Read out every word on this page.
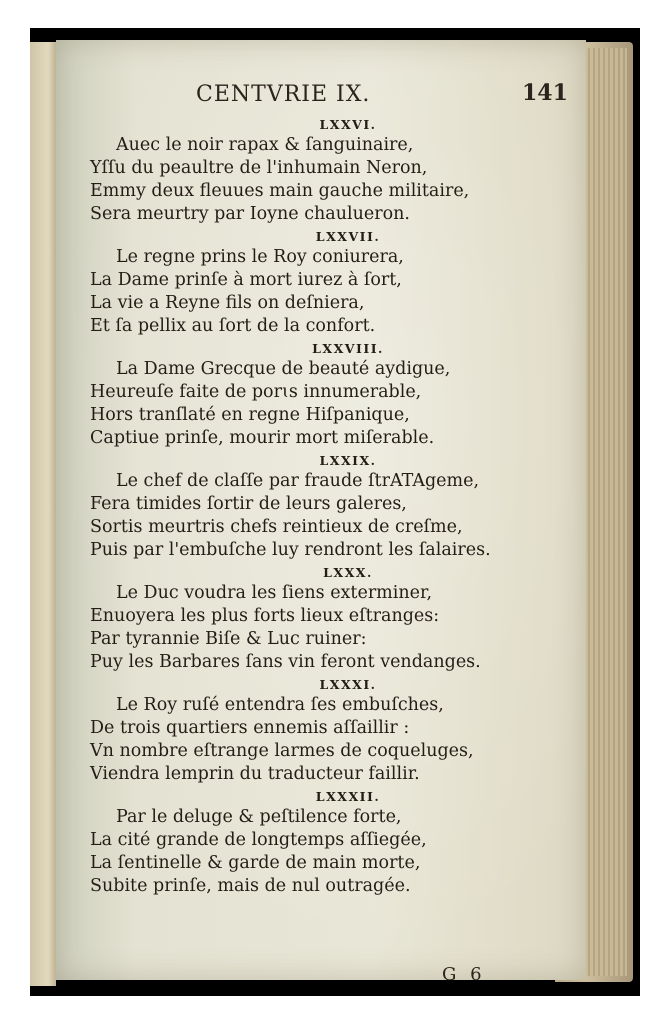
CENTVRIE IX.	141
LXXVI.
Auec le noir rapax & ſanguinaire,
Yſſu du peaultre de l'inhumain Neron,
Emmy deux fleuues main gauche militaire,
Sera meurtry par Ioyne chaulueron.
LXXVII.
Le regne prins le Roy coniurera,
La Dame prinſe à mort iurez à ſort,
La vie a Reyne fils on deſniera,
Et ſa pellix au ſort de la confort.
LXXVIII.
La Dame Grecque de beauté aydigue,
Heureuſe faite de porɩs innumerable,
Hors tranſlaté en regne Hiſpanique,
Captiue prinſe, mourir mort miſerable.
LXXIX.
Le chef de claſſe par fraude ſtrATAgeme,
Fera timides ſortir de leurs galeres,
Sortis meurtris chefs reintieux de creſme,
Puis par l'embuſche luy rendront les ſalaires.
LXXX.
Le Duc voudra les ſiens exterminer,
Enuoyera les plus forts lieux eſtranges:
Par tyrannie Biſe & Luc ruiner:
Puy les Barbares ſans vin feront vendanges.
LXXXI.
Le Roy ruſé entendra ſes embuſches,
De trois quartiers ennemis aſſaillir :
Vn nombre eſtrange larmes de coqueluges,
Viendra lemprin du traducteur faillir.
LXXXII.
Par le deluge & peſtilence forte,
La cité grande de longtemps aſſiegée,
La ſentinelle & garde de main morte,
Subite prinſe, mais de nul outragée.
G 6
